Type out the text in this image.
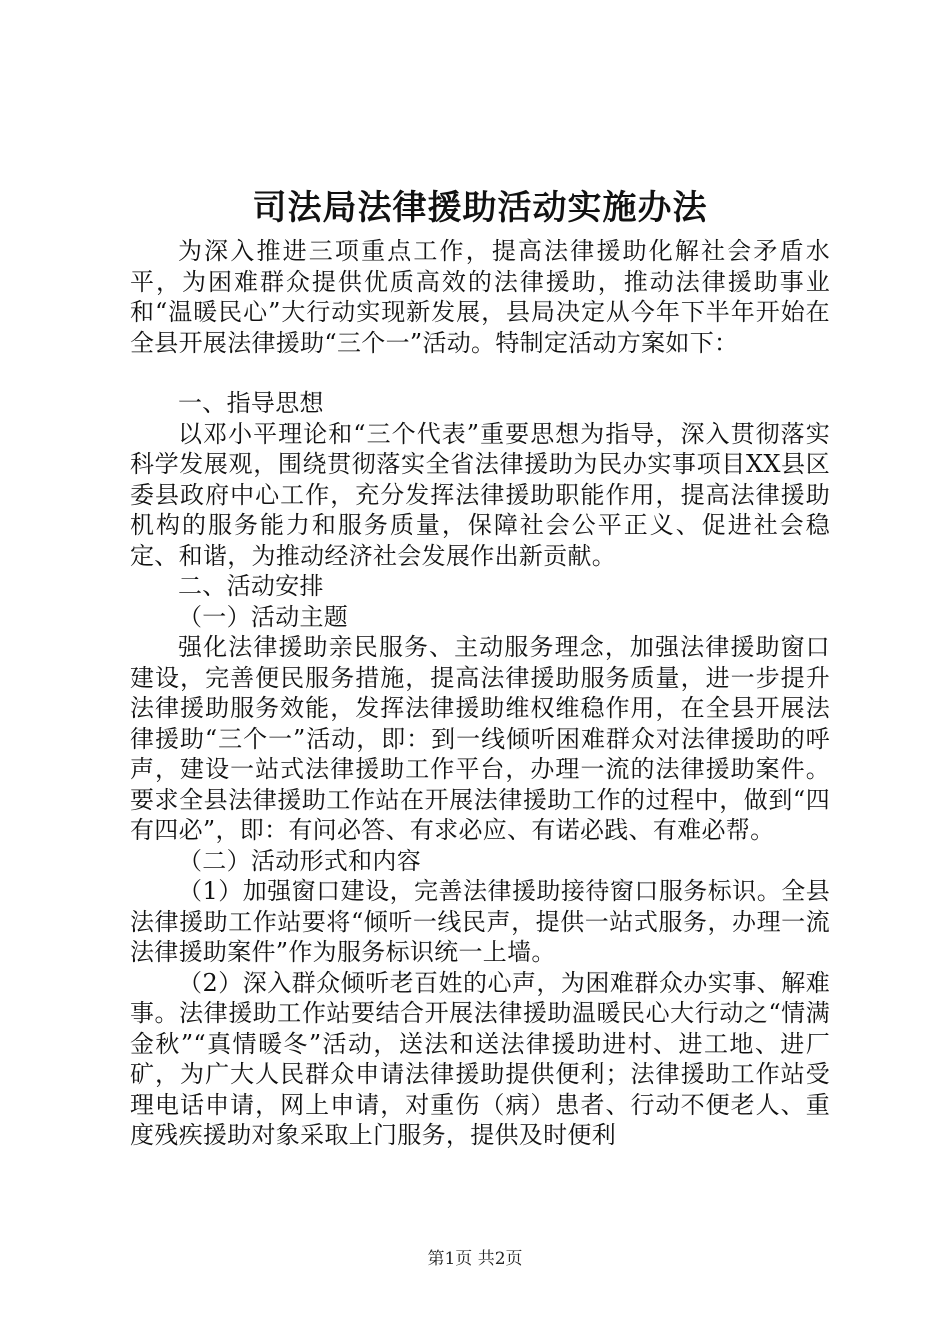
司法局法律援助活动实施办法

为深入推进三项重点工作，提高法律援助化解社会矛盾水平，为困难群众提供优质高效的法律援助，推动法律援助事业和“温暖民心”大行动实现新发展，县局决定从今年下半年开始在全县开展法律援助“三个一”活动。特制定活动方案如下：

一、指导思想

以邓小平理论和“三个代表”重要思想为指导，深入贯彻落实科学发展观，围绕贯彻落实全省法律援助为民办实事项目XX县区委县政府中心工作，充分发挥法律援助职能作用，提高法律援助机构的服务能力和服务质量，保障社会公平正义、促进社会稳定、和谐，为推动经济社会发展作出新贡献。

二、活动安排

（一）活动主题

强化法律援助亲民服务、主动服务理念，加强法律援助窗口建设，完善便民服务措施，提高法律援助服务质量，进一步提升法律援助服务效能，发挥法律援助维权维稳作用，在全县开展法律援助“三个一”活动，即：到一线倾听困难群众对法律援助的呼声，建设一站式法律援助工作平台，办理一流的法律援助案件。要求全县法律援助工作站在开展法律援助工作的过程中，做到“四有四必”，即：有问必答、有求必应、有诺必践、有难必帮。

（二）活动形式和内容

（1）加强窗口建设，完善法律援助接待窗口服务标识。全县法律援助工作站要将“倾听一线民声，提供一站式服务，办理一流法律援助案件”作为服务标识统一上墙。

（2）深入群众倾听老百姓的心声，为困难群众办实事、解难事。法律援助工作站要结合开展法律援助温暖民心大行动之“情满金秋”“真情暖冬”活动，送法和送法律援助进村、进工地、进厂矿，为广大人民群众申请法律援助提供便利；法律援助工作站受理电话申请，网上申请，对重伤（病）患者、行动不便老人、重度残疾援助对象采取上门服务，提供及时便利

第1页 共2页
